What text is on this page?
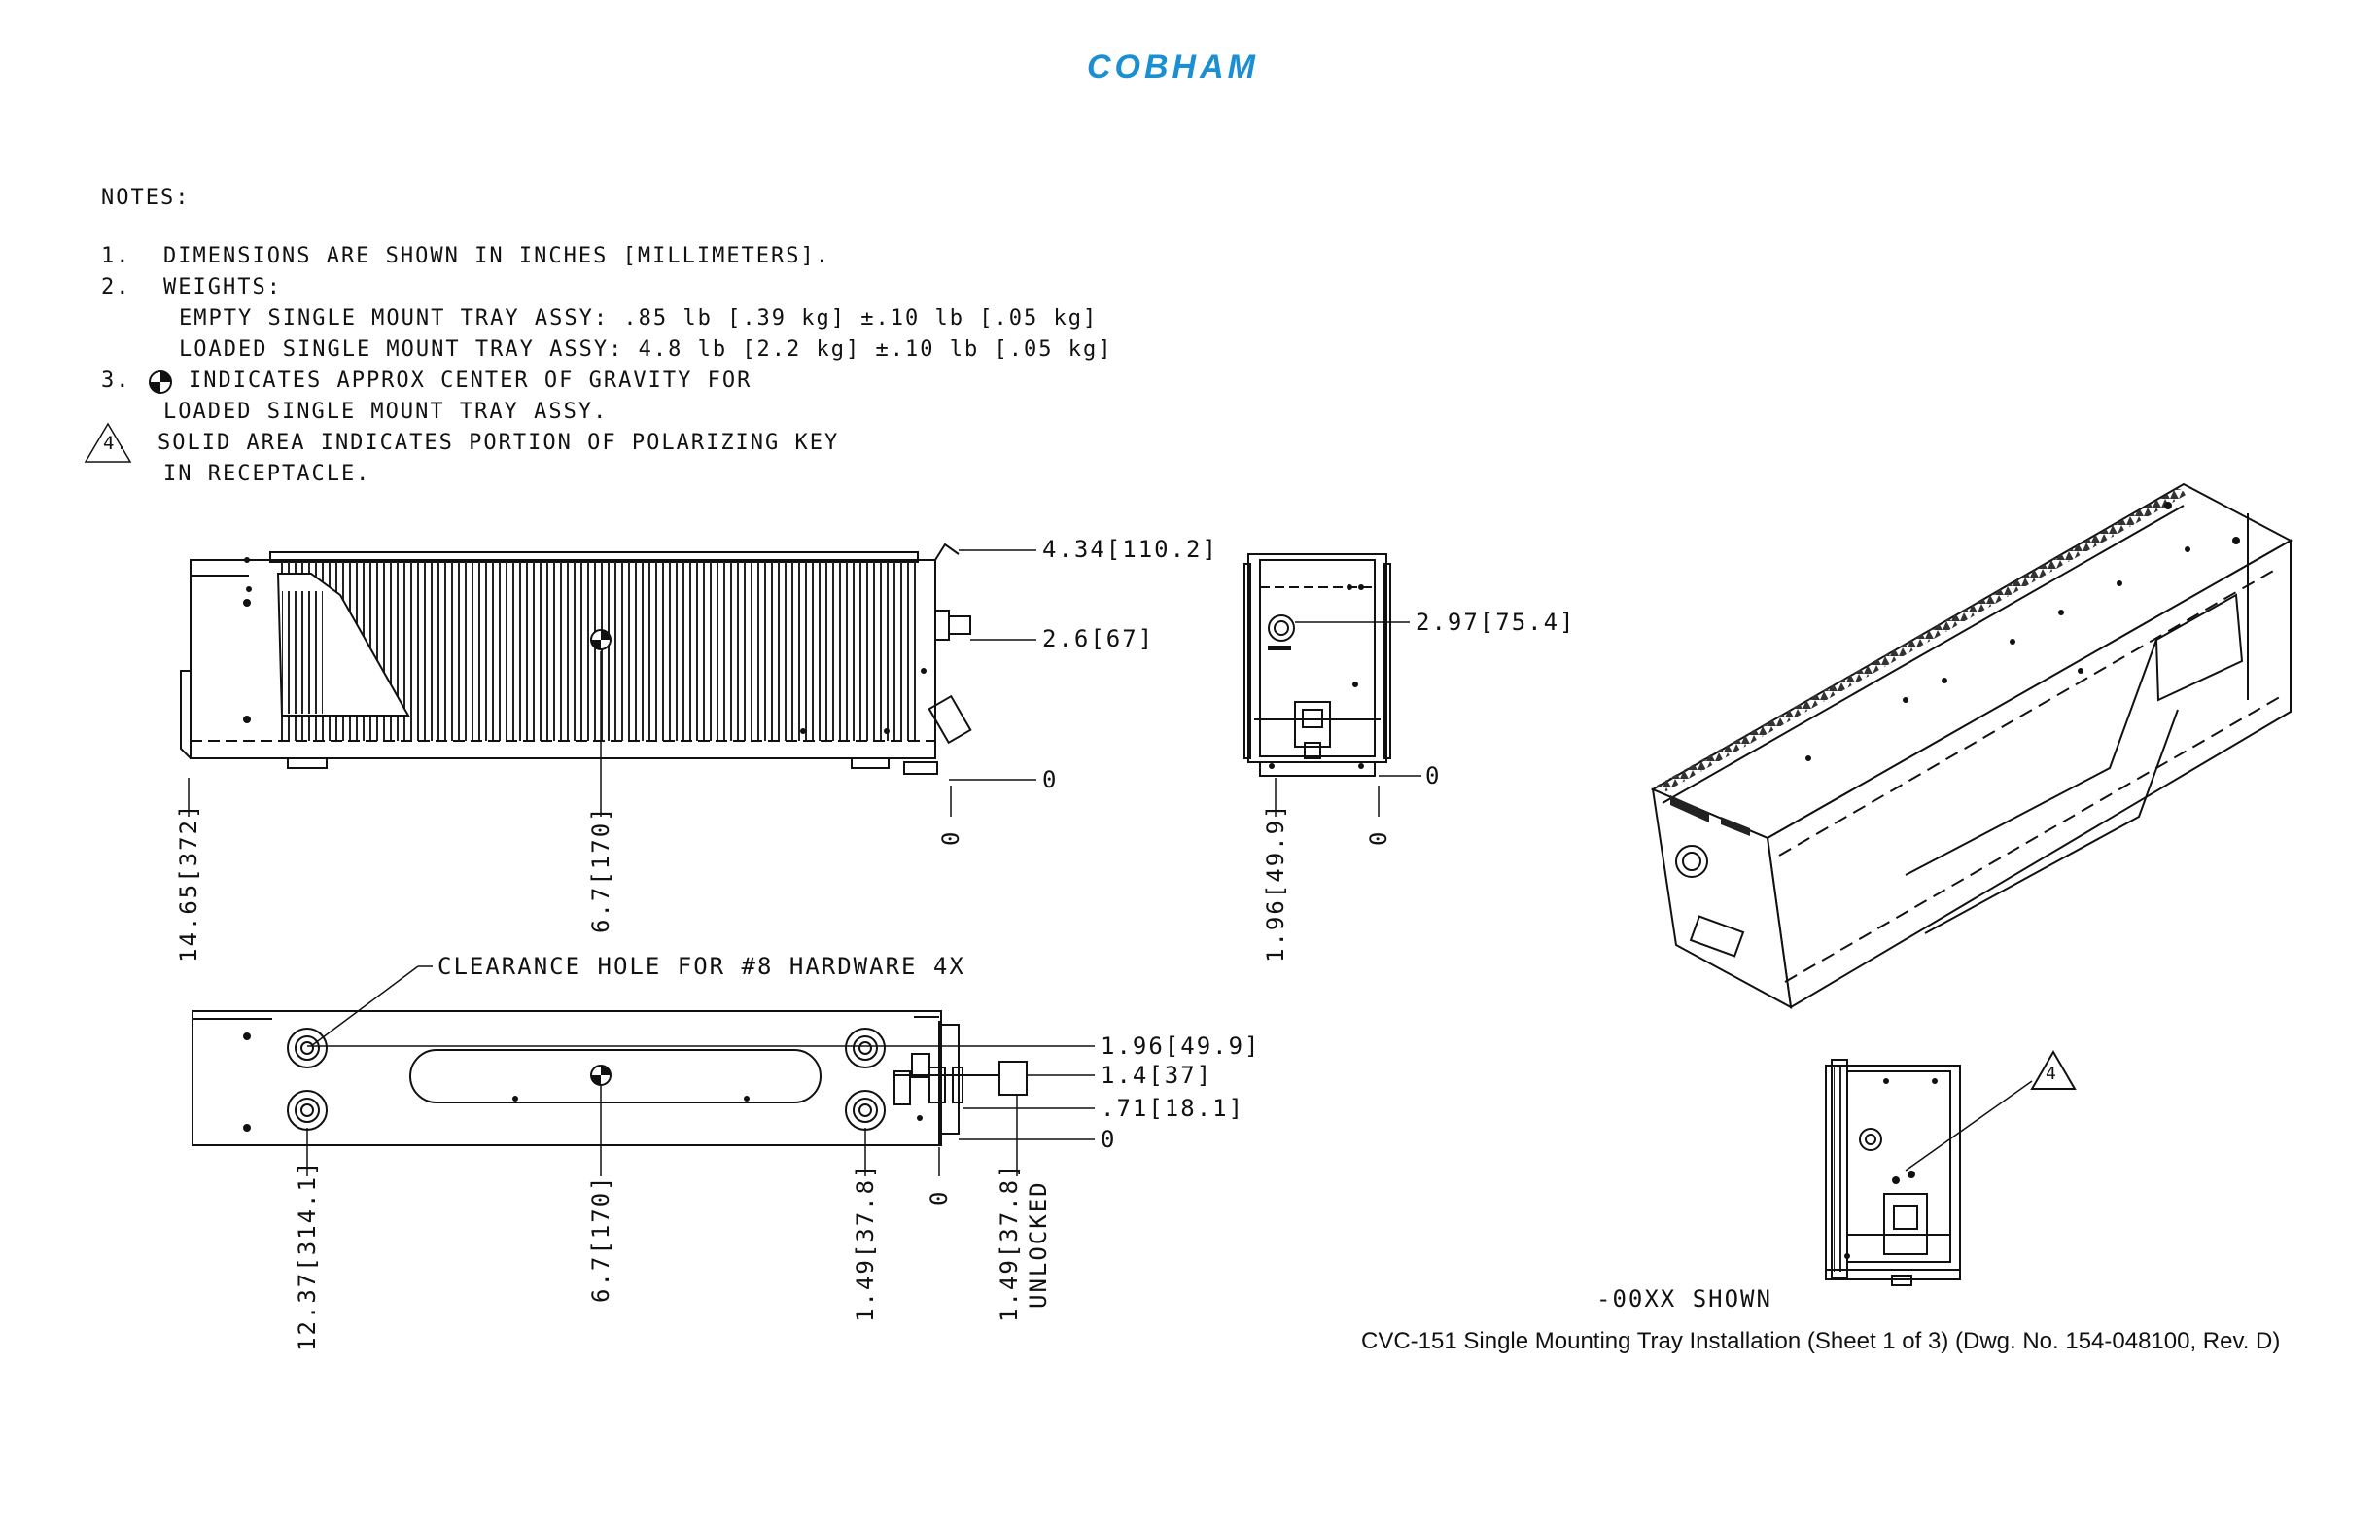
COBHAM
NOTES:
1. DIMENSIONS ARE SHOWN IN INCHES [MILLIMETERS].
2. WEIGHTS:
EMPTY SINGLE MOUNT TRAY ASSY: .85 lb [.39 kg] ±.10 lb [.05 kg]
LOADED SINGLE MOUNT TRAY ASSY: 4.8 lb [2.2 kg] ±.10 lb [.05 kg]
3.	INDICATES APPROX CENTER OF GRAVITY FOR
LOADED SINGLE MOUNT TRAY ASSY.
4. SOLID AREA INDICATES PORTION OF POLARIZING KEY
IN RECEPTACLE.
4.34[110.2]
2.6[67]
0
14.65[372]	6.7[170]	0
2.97[75.4]
0
1.96[49.9]	0
CLEARANCE HOLE FOR #8 HARDWARE 4X
1.96[49.9]
1.4[37]
.71[18.1]
0
12.37[314.1]	6.7[170]	1.49[37.8] 0 1.49[37.8] UNLOCKED
4
-00XX SHOWN
CVC-151 Single Mounting Tray Installation (Sheet 1 of 3) (Dwg. No. 154-048100, Rev. D)
